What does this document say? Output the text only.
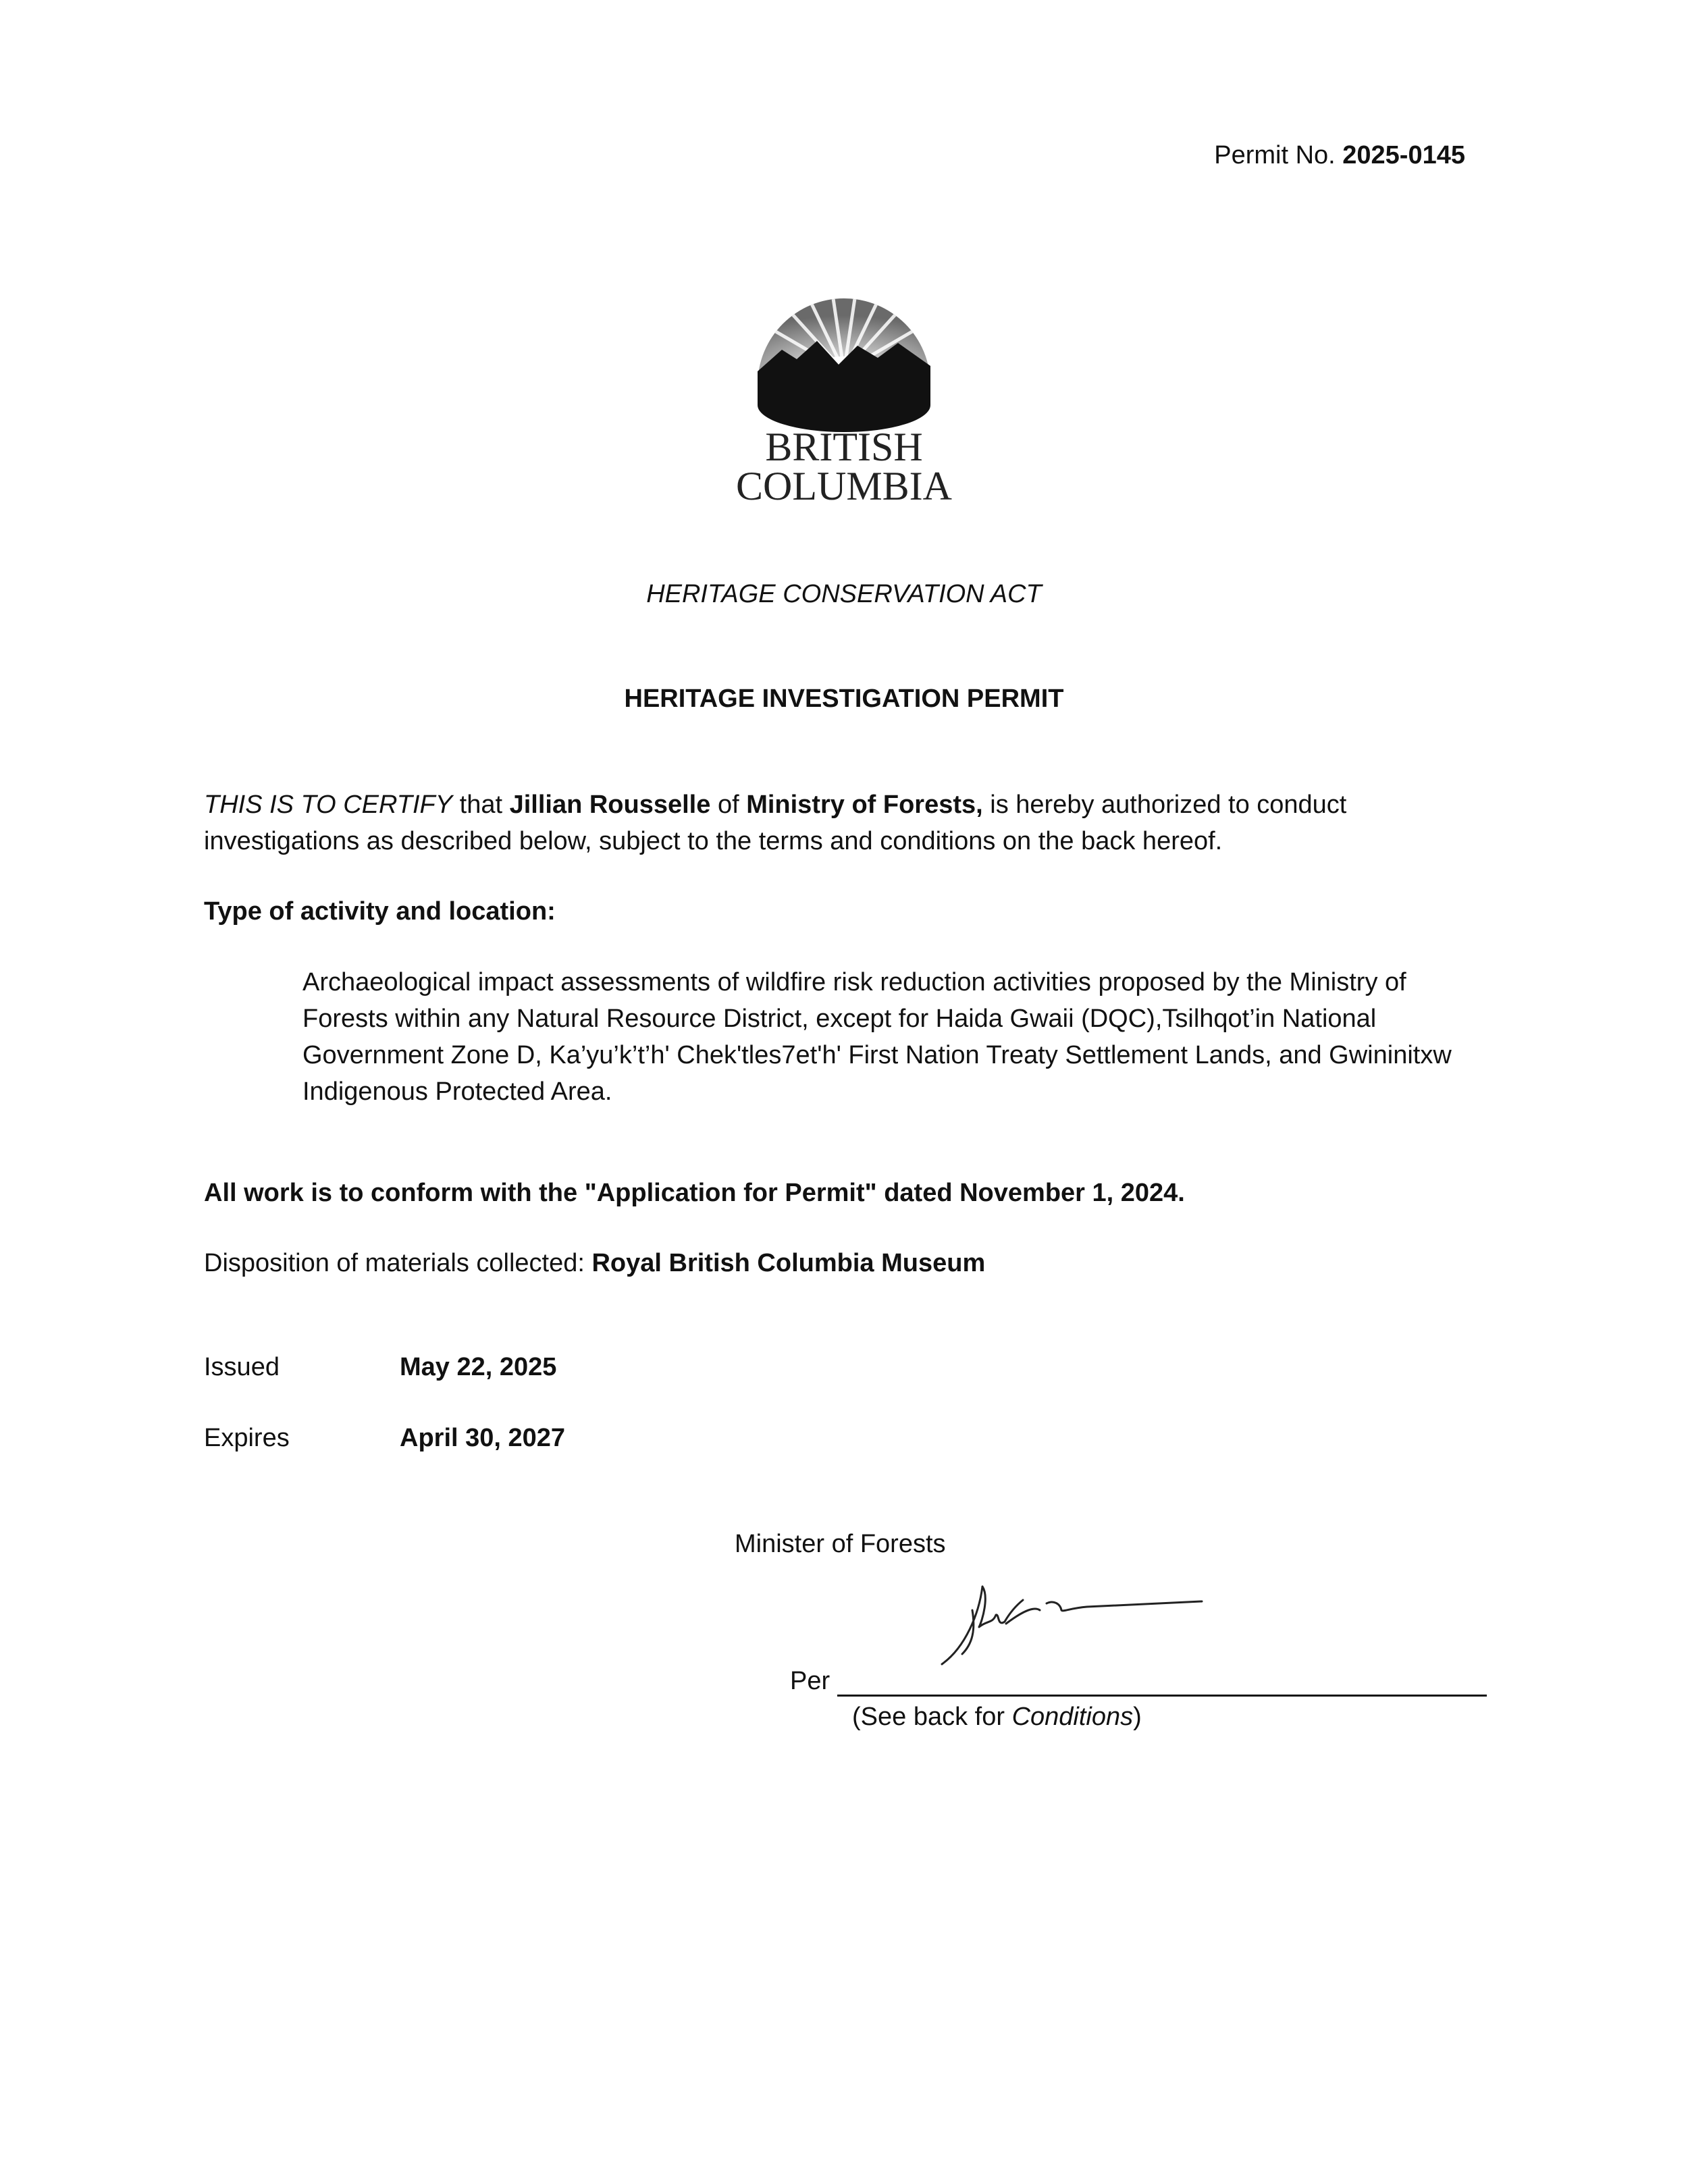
Permit No. 2025-0145
BRITISH
COLUMBIA
HERITAGE CONSERVATION ACT
HERITAGE INVESTIGATION PERMIT
THIS IS TO CERTIFY that Jillian Rousselle of Ministry of Forests, is hereby authorized to conduct investigations as described below, subject to the terms and conditions on the back hereof.
Type of activity and location:
Archaeological impact assessments of wildfire risk reduction activities proposed by the Ministry of Forests within any Natural Resource District, except for Haida Gwaii (DQC),Tsilhqot’in National Government Zone D, Ka’yu’k’t’h' Chek'tles7et'h' First Nation Treaty Settlement Lands, and Gwininitxw Indigenous Protected Area.
All work is to conform with the "Application for Permit" dated November 1, 2024.
Disposition of materials collected: Royal British Columbia Museum
Issued	May 22, 2025
Expires	April 30, 2027
Minister of Forests
Per
(See back for Conditions)
